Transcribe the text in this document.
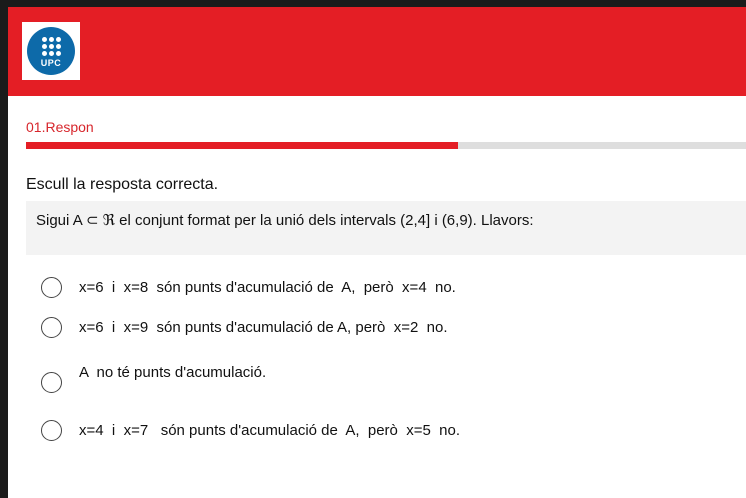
UPC
01.Respon
Escull la resposta correcta.
Sigui A ⊂ ℜ el conjunt format per la unió dels intervals (2,4] i (6,9). Llavors:
x=6  i  x=8  són punts d'acumulació de  A,  però  x=4  no.
x=6  i  x=9  són punts d'acumulació de A, però  x=2  no.
A  no té punts d'acumulació.
x=4  i  x=7   són punts d'acumulació de  A,  però  x=5  no.
